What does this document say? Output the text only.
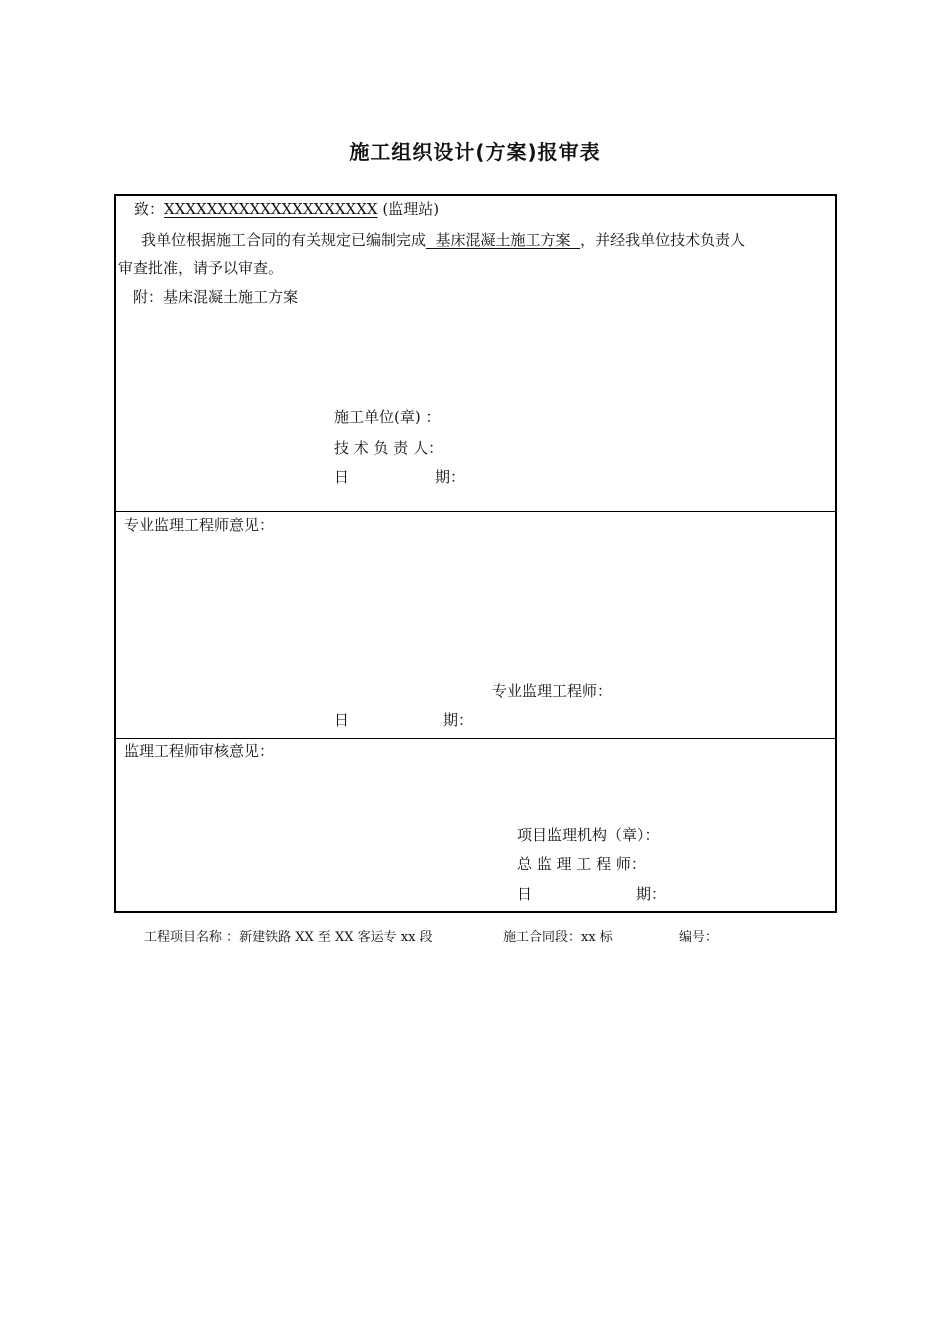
施工组织设计(方案)报审表
致：XXXXXXXXXXXXXXXXXXXX (监理站)
我单位根据施工合同的有关规定已编制完成  基床混凝土施工方案  ，并经我单位技术负责人
审查批准，请予以审查。
附：基床混凝土施工方案
施工单位(章) ：
技 术 负 责 人：
日	期：
专业监理工程师意见：
专业监理工程师：
日	期：
监理工程师审核意见：
项目监理机构（章）：
总 监 理 工 程 师：
日	期：
工程项目名称 ：新建铁路 XX 至 XX 客运专 xx 段	施工合同段：xx 标	编号：
